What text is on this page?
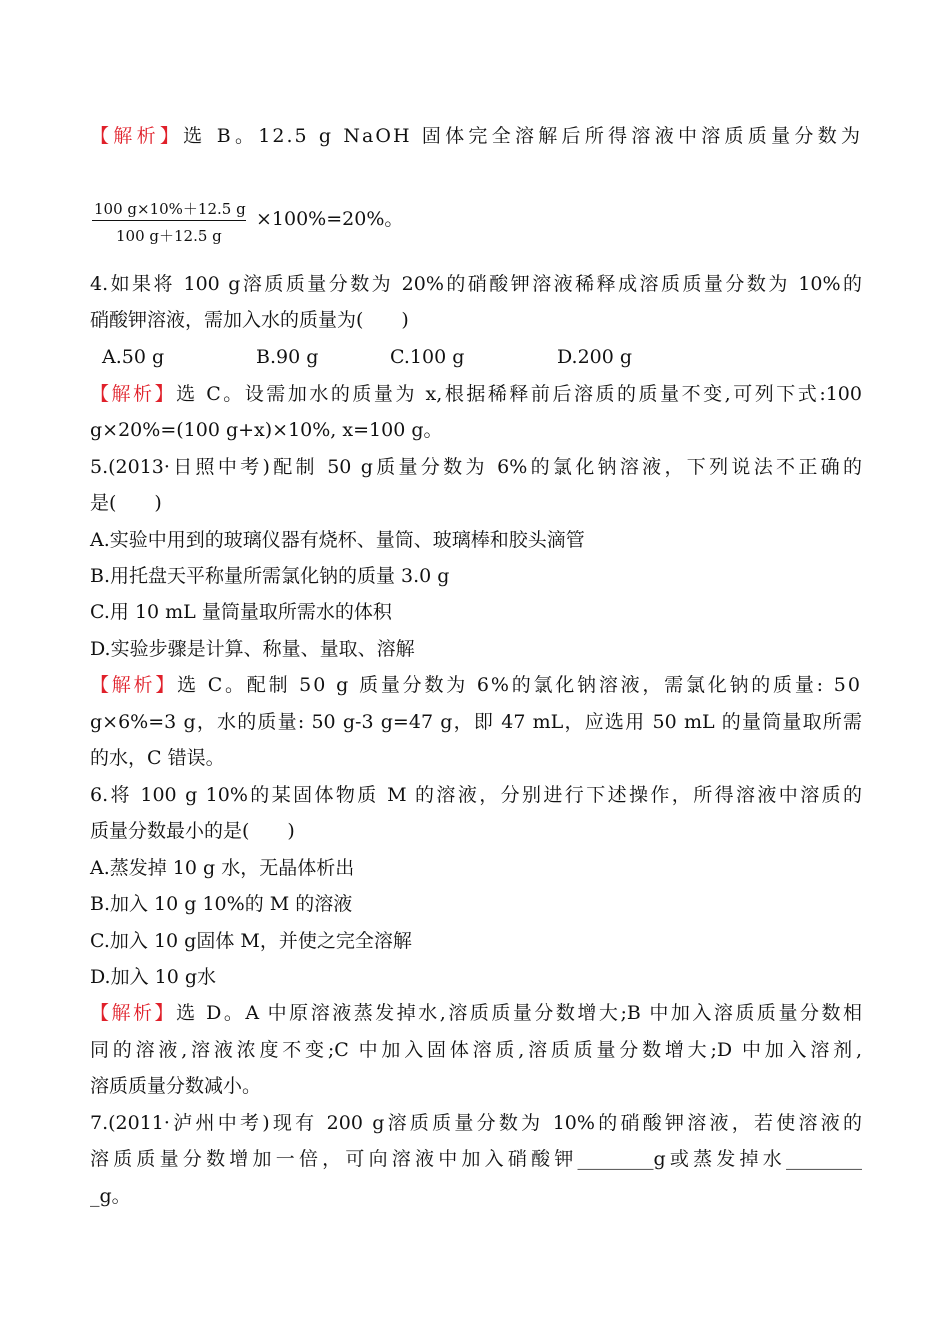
【解析】选 B。12.5 g NaOH 固体完全溶解后所得溶液中溶质质量分数为
100 g×10%＋12.5 g
100 g＋12.5 g
×100%=20%。
4.如果将 100 g溶质质量分数为 20%的硝酸钾溶液稀释成溶质质量分数为 10%的
硝酸钾溶液，需加入水的质量为(　　)
A.50 g	B.90 g	C.100 g	D.200 g
【解析】选 C。设需加水的质量为 x,根据稀释前后溶质的质量不变,可列下式:100
g×20%=(100 g+x)×10%, x=100 g。
5.(2013·日照中考)配制 50 g质量分数为 6%的氯化钠溶液，下列说法不正确的
是(　　)
A.实验中用到的玻璃仪器有烧杯、量筒、玻璃棒和胶头滴管
B.用托盘天平称量所需氯化钠的质量 3.0 g
C.用 10 mL 量筒量取所需水的体积
D.实验步骤是计算、称量、量取、溶解
【解析】选 C。配制 50 g 质量分数为 6%的氯化钠溶液，需氯化钠的质量: 50
g×6%=3 g，水的质量: 50 g-3 g=47 g，即 47 mL，应选用 50 mL 的量筒量取所需
的水，C 错误。
6.将 100 g 10%的某固体物质 M 的溶液，分别进行下述操作，所得溶液中溶质的
质量分数最小的是(　　)
A.蒸发掉 10 g 水，无晶体析出
B.加入 10 g 10%的 M 的溶液
C.加入 10 g固体 M，并使之完全溶解
D.加入 10 g水
【解析】选 D。A 中原溶液蒸发掉水,溶质质量分数增大;B 中加入溶质质量分数相
同的溶液,溶液浓度不变;C 中加入固体溶质,溶质质量分数增大;D 中加入溶剂,
溶质质量分数减小。
7.(2011·泸州中考)现有 200 g溶质质量分数为 10%的硝酸钾溶液，若使溶液的
溶质质量分数增加一倍，可向溶液中加入硝酸钾________g或蒸发掉水________
_g。
